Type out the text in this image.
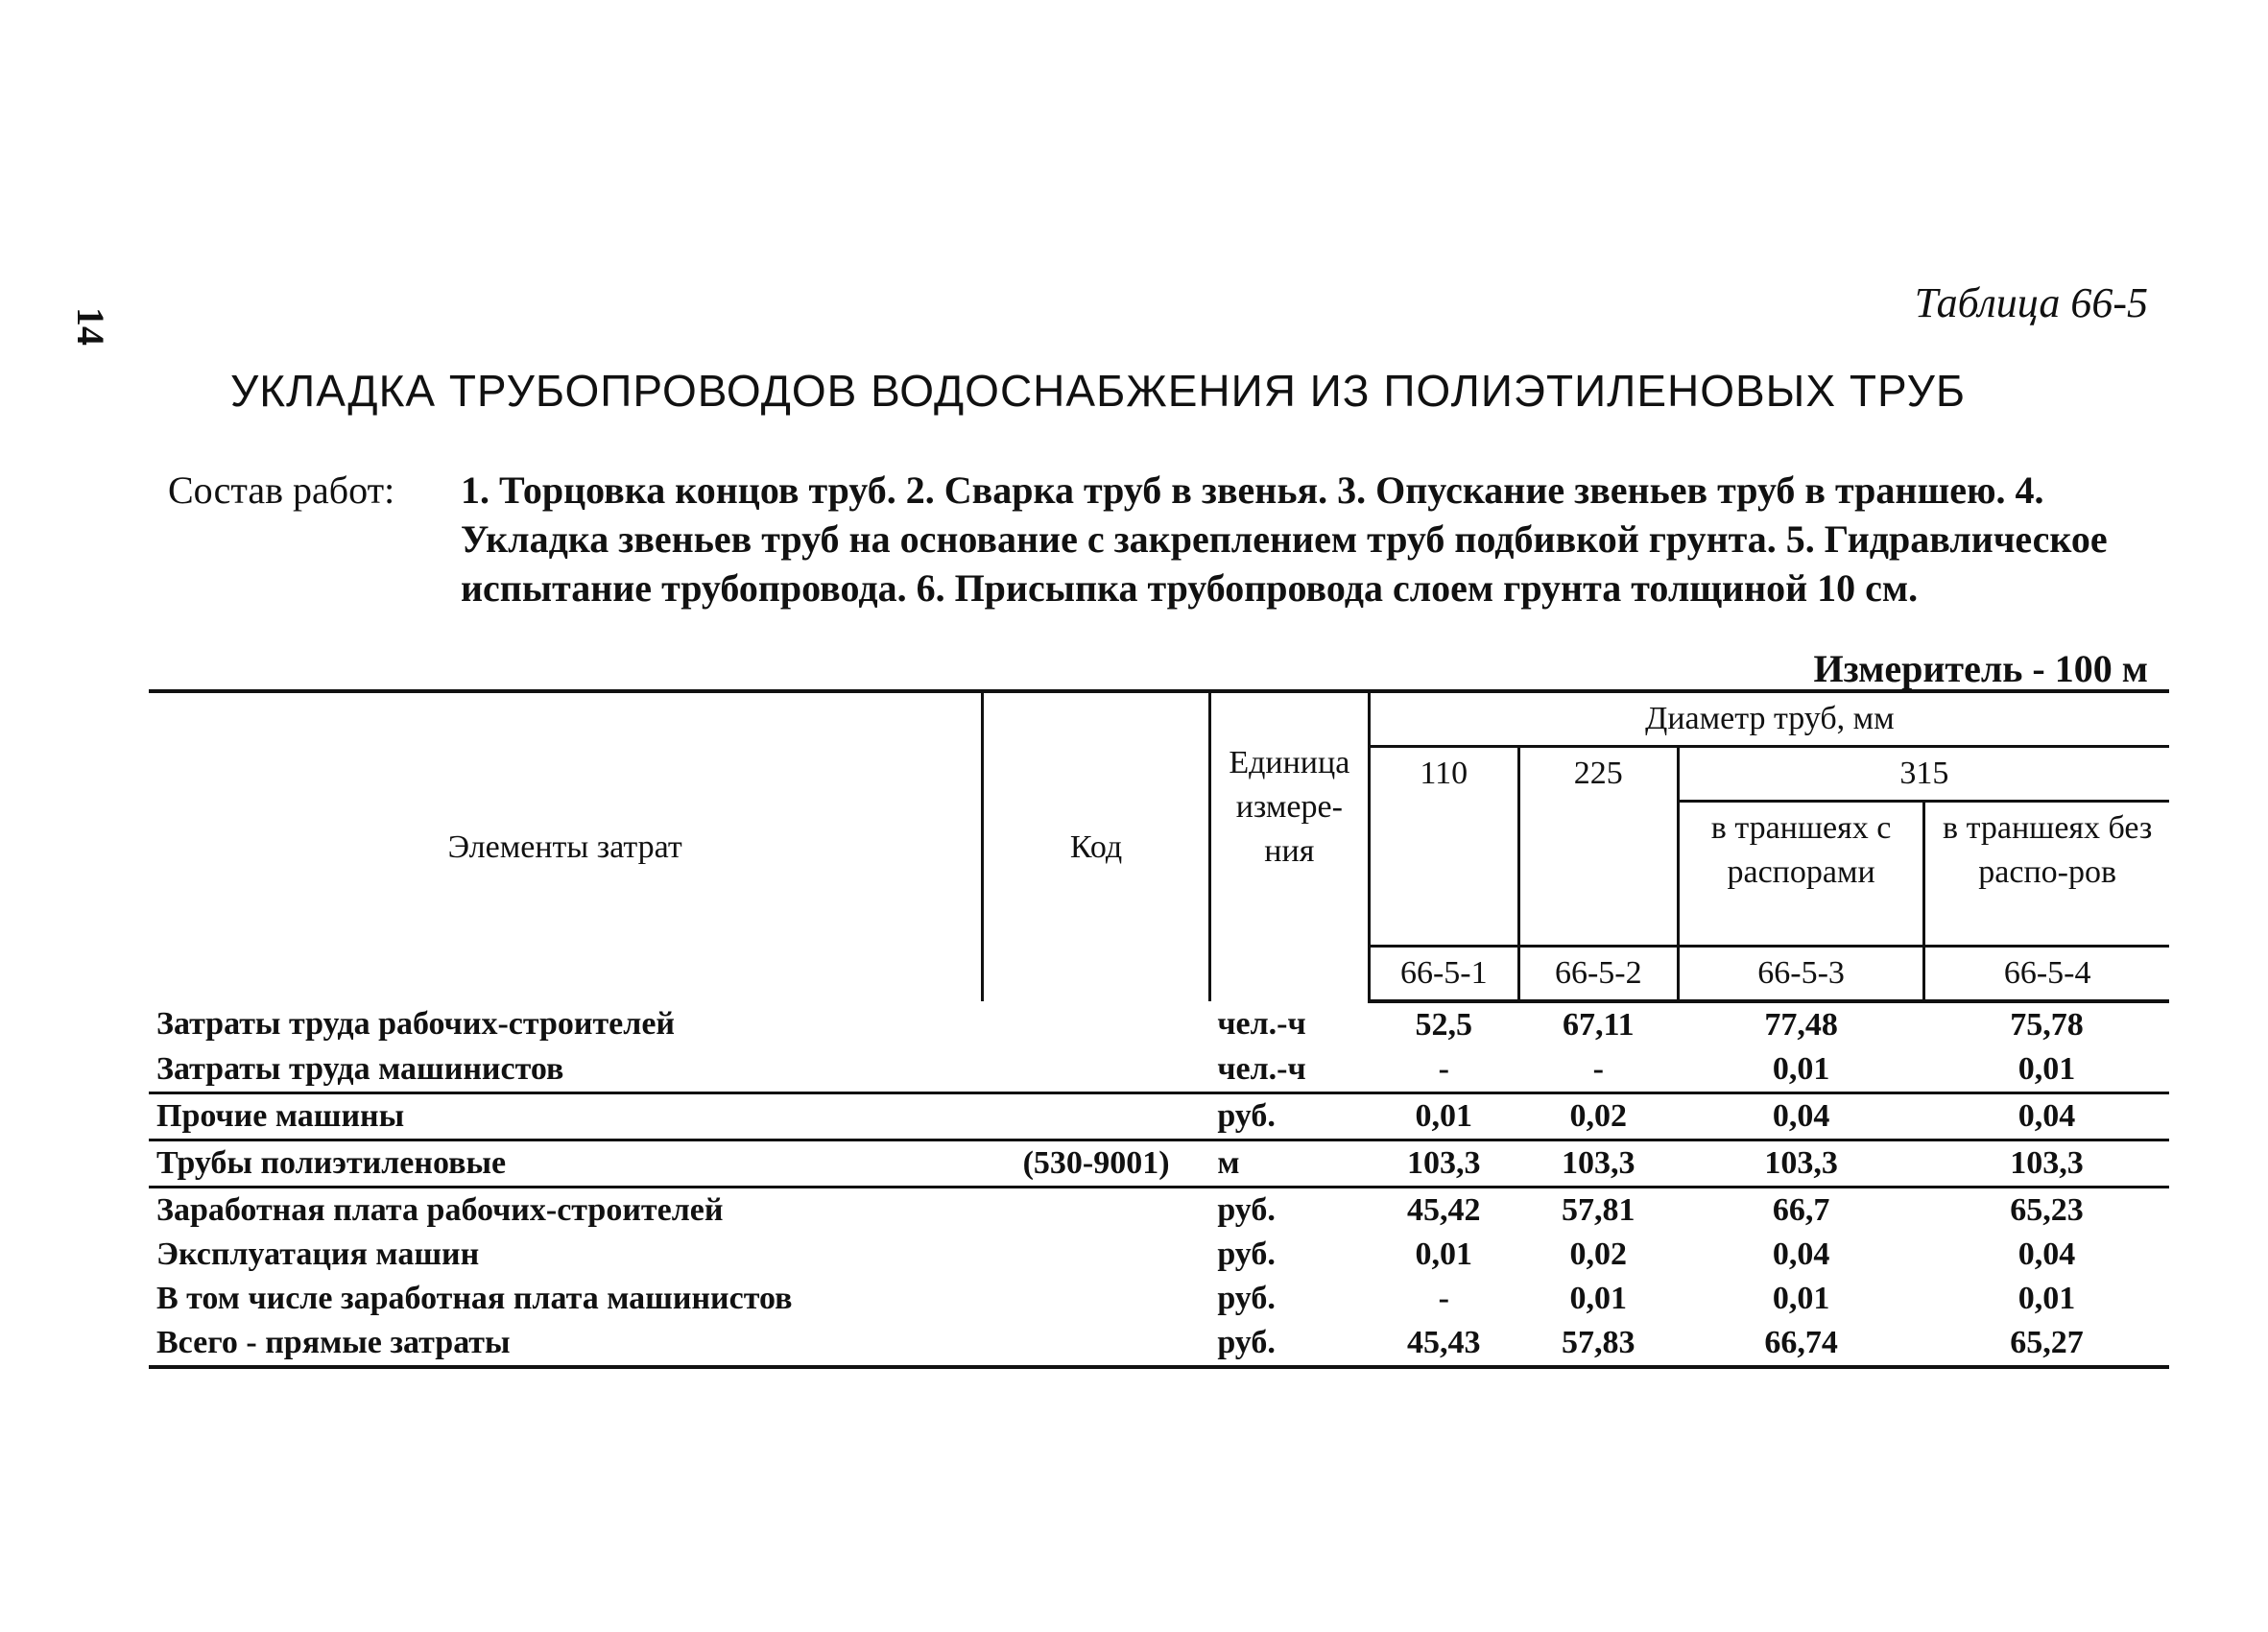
14	Таблица 66-5
УКЛАДКА ТРУБОПРОВОДОВ ВОДОСНАБЖЕНИЯ ИЗ ПОЛИЭТИЛЕНОВЫХ ТРУБ
Состав работ: 1. Торцовка концов труб. 2. Сварка труб в звенья. 3. Опускание звеньев труб в траншею. 4. Укладка звеньев труб на основание с закреплением труб подбивкой грунта. 5. Гидравлическое испытание трубопровода. 6. Присыпка трубопровода слоем грунта толщиной 10 см.
Измеритель - 100 м
Элементы затрат	Код	Единица измере-ния	Диаметр труб, мм			
			110	225	315	
					в траншеях с распорами	в траншеях без распо-ров
			66-5-1	66-5-2	66-5-3	66-5-4
Затраты труда рабочих-строителей		чел.-ч	52,5	67,11	77,48	75,78
Затраты труда машинистов		чел.-ч	-	-	0,01	0,01
Прочие машины		руб.	0,01	0,02	0,04	0,04
Трубы полиэтиленовые	(530-9001)	м	103,3	103,3	103,3	103,3
Заработная плата рабочих-строителей		руб.	45,42	57,81	66,7	65,23
Эксплуатация машин		руб.	0,01	0,02	0,04	0,04
В том числе заработная плата машинистов		руб.	-	0,01	0,01	0,01
Всего - прямые затраты		руб.	45,43	57,83	66,74	65,27
